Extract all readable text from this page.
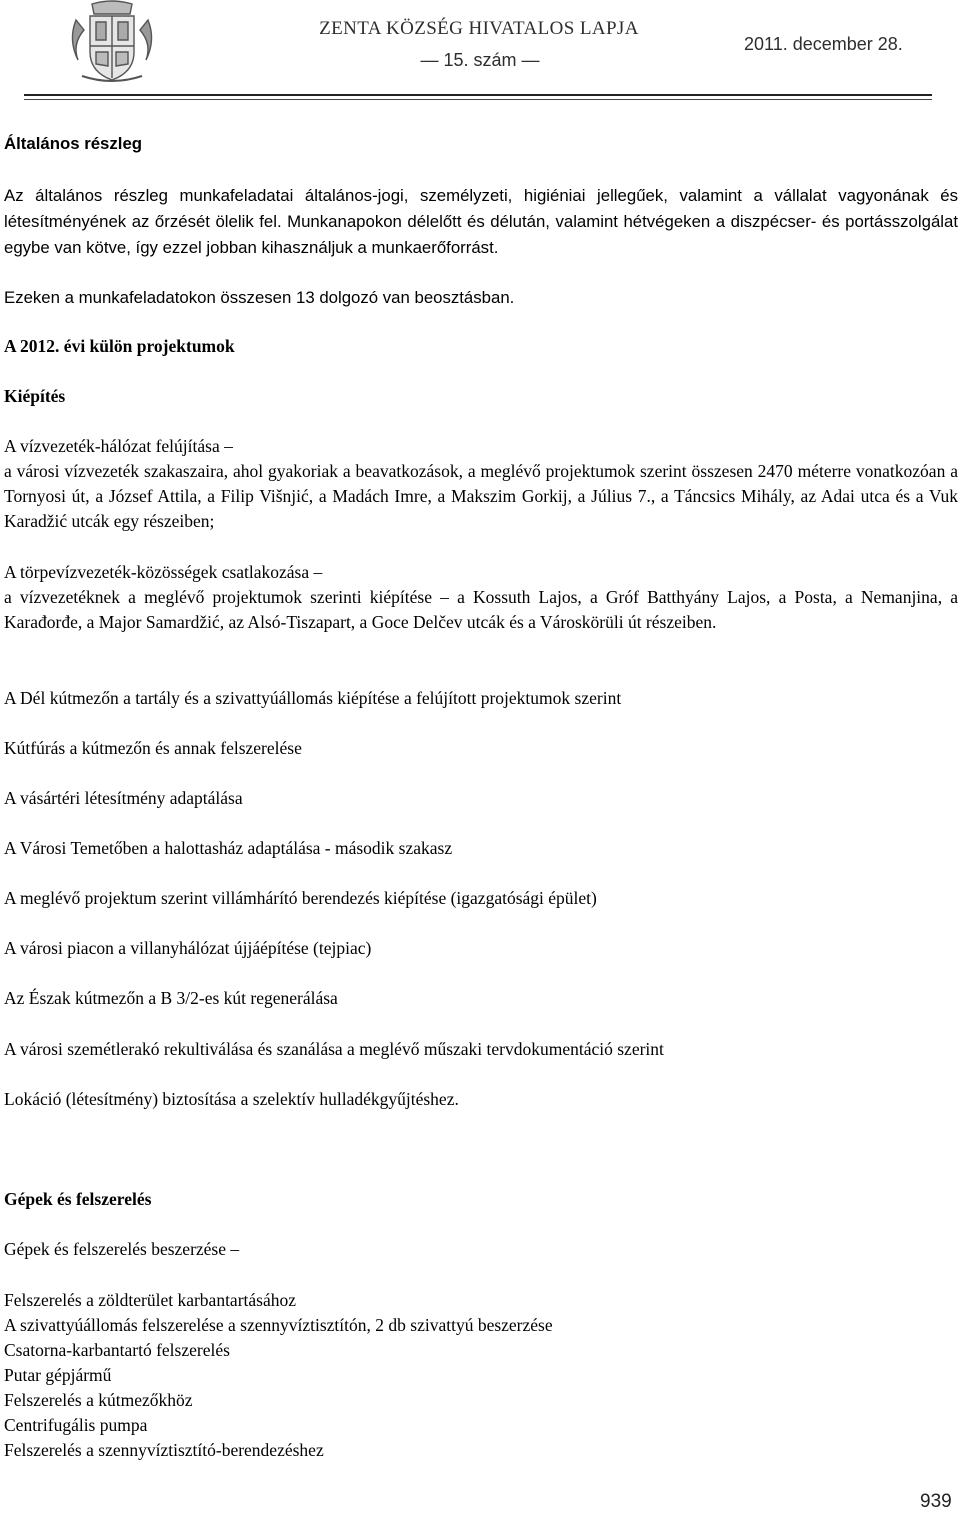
ZENTA KÖZSÉG HIVATALOS LAPJA
— 15. szám —
2011. december 28.

Általános részleg

Az általános részleg munkafeladatai általános-jogi, személyzeti, higiéniai jellegűek, valamint a vállalat vagyonának és létesítményének az őrzését ölelik fel. Munkanapokon délelőtt és délután, valamint hétvégeken a diszpécser- és portásszolgálat egybe van kötve, így ezzel jobban kihasználjuk a munkaerőforrást.

Ezeken a munkafeladatokon összesen 13 dolgozó van beosztásban.

A 2012. évi külön projektumok

Kiépítés

A vízvezeték-hálózat felújítása –

a városi vízvezeték szakaszaira, ahol gyakoriak a beavatkozások, a meglévő projektumok szerint összesen 2470 méterre vonatkozóan a Tornyosi út, a József Attila, a Filip Višnjić, a Madách Imre, a Makszim Gorkij, a Július 7., a Táncsics Mihály, az Adai utca és a Vuk Karadžić utcák egy részeiben;

A törpevízvezeték-közösségek csatlakozása –

a vízvezetéknek a meglévő projektumok szerinti kiépítése – a Kossuth Lajos, a Gróf Batthyány Lajos, a Posta, a Nemanjina, a Karađorđe, a Major Samardžić, az Alsó-Tiszapart, a Goce Delčev utcák és a Városkörüli út részeiben.

A Dél kútmezőn a tartály és a szivattyúállomás kiépítése a felújított projektumok szerint

Kútfúrás a kútmezőn és annak felszerelése

A vásártéri létesítmény adaptálása

A Városi Temetőben a halottasház adaptálása - második szakasz

A meglévő projektum szerint villámhárító berendezés kiépítése (igazgatósági épület)

A városi piacon a villanyhálózat újjáépítése (tejpiac)

Az Észak kútmezőn a B 3/2-es kút regenerálása

A városi szemétlerakó rekultiválása és szanálása a meglévő műszaki tervdokumentáció szerint

Lokáció (létesítmény) biztosítása a szelektív hulladékgyűjtéshez.

Gépek és felszerelés

Gépek és felszerelés beszerzése –

Felszerelés a zöldterület karbantartásához

A szivattyúállomás felszerelése a szennyvíztisztítón, 2 db szivattyú beszerzése

Csatorna-karbantartó felszerelés

Putar gépjármű

Felszerelés a kútmezőkhöz

Centrifugális pumpa

Felszerelés a szennyvíztisztító-berendezéshez

939
